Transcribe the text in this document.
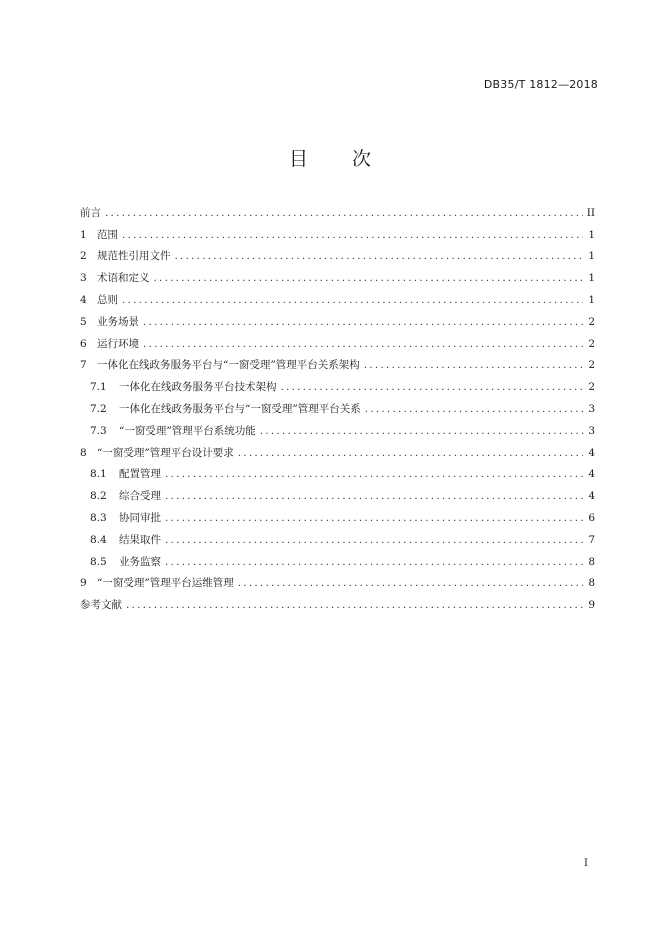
DB35/T 1812—2018
目 次
前言 .....	II
1 范围 .....	1
2 规范性引用文件 .....	1
3 术语和定义 .....	1
4 总则 .....	1
5 业务场景 .....	2
6 运行环境 .....	2
7 一体化在线政务服务平台与“一窗受理”管理平台关系架构 .....	2
7.1	一体化在线政务服务平台技术架构 .....	2
7.2	一体化在线政务服务平台与“一窗受理”管理平台关系 .....	3
7.3	“一窗受理”管理平台系统功能 .....	3
8 “一窗受理”管理平台设计要求 .....	4
8.1	配置管理 .....	4
8.2	综合受理 .....	4
8.3	协同审批 .....	6
8.4	结果取件 .....	7
8.5	业务监察 .....	8
9 “一窗受理”管理平台运维管理 .....	8
参考文献 .....	9
I
